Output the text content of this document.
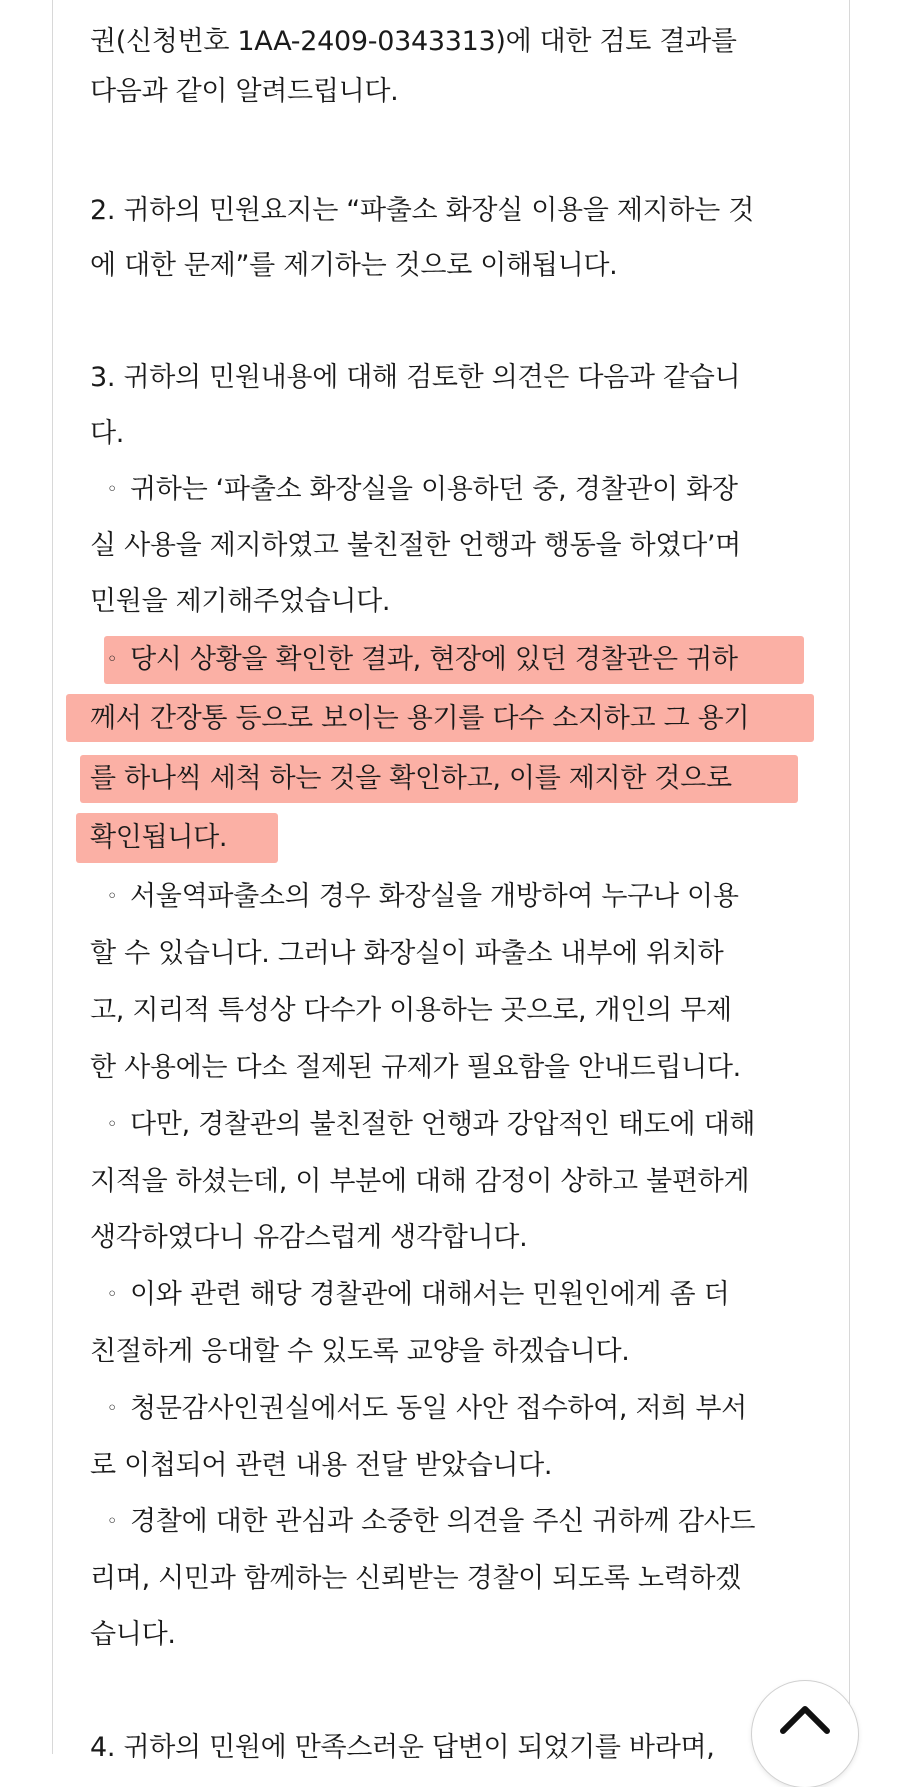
권(신청번호 1AA-2409-0343313)에 대한 검토 결과를
다음과 같이 알려드립니다.
2. 귀하의 민원요지는 “파출소 화장실 이용을 제지하는 것
에 대한 문제”를 제기하는 것으로 이해됩니다.
3. 귀하의 민원내용에 대해 검토한 의견은 다음과 같습니
다.
◦ 귀하는 ‘파출소 화장실을 이용하던 중, 경찰관이 화장
실 사용을 제지하였고 불친절한 언행과 행동을 하였다’며
민원을 제기해주었습니다.
◦ 당시 상황을 확인한 결과, 현장에 있던 경찰관은 귀하
께서 간장통 등으로 보이는 용기를 다수 소지하고 그 용기
를 하나씩 세척 하는 것을 확인하고, 이를 제지한 것으로
확인됩니다.
◦ 서울역파출소의 경우 화장실을 개방하여 누구나 이용
할 수 있습니다. 그러나 화장실이 파출소 내부에 위치하
고, 지리적 특성상 다수가 이용하는 곳으로, 개인의 무제
한 사용에는 다소 절제된 규제가 필요함을 안내드립니다.
◦ 다만, 경찰관의 불친절한 언행과 강압적인 태도에 대해
지적을 하셨는데, 이 부분에 대해 감정이 상하고 불편하게
생각하였다니 유감스럽게 생각합니다.
◦ 이와 관련 해당 경찰관에 대해서는 민원인에게 좀 더
친절하게 응대할 수 있도록 교양을 하겠습니다.
◦ 청문감사인권실에서도 동일 사안 접수하여, 저희 부서
로 이첩되어 관련 내용 전달 받았습니다.
◦ 경찰에 대한 관심과 소중한 의견을 주신 귀하께 감사드
리며, 시민과 함께하는 신뢰받는 경찰이 되도록 노력하겠
습니다.
4. 귀하의 민원에 만족스러운 답변이 되었기를 바라며,
